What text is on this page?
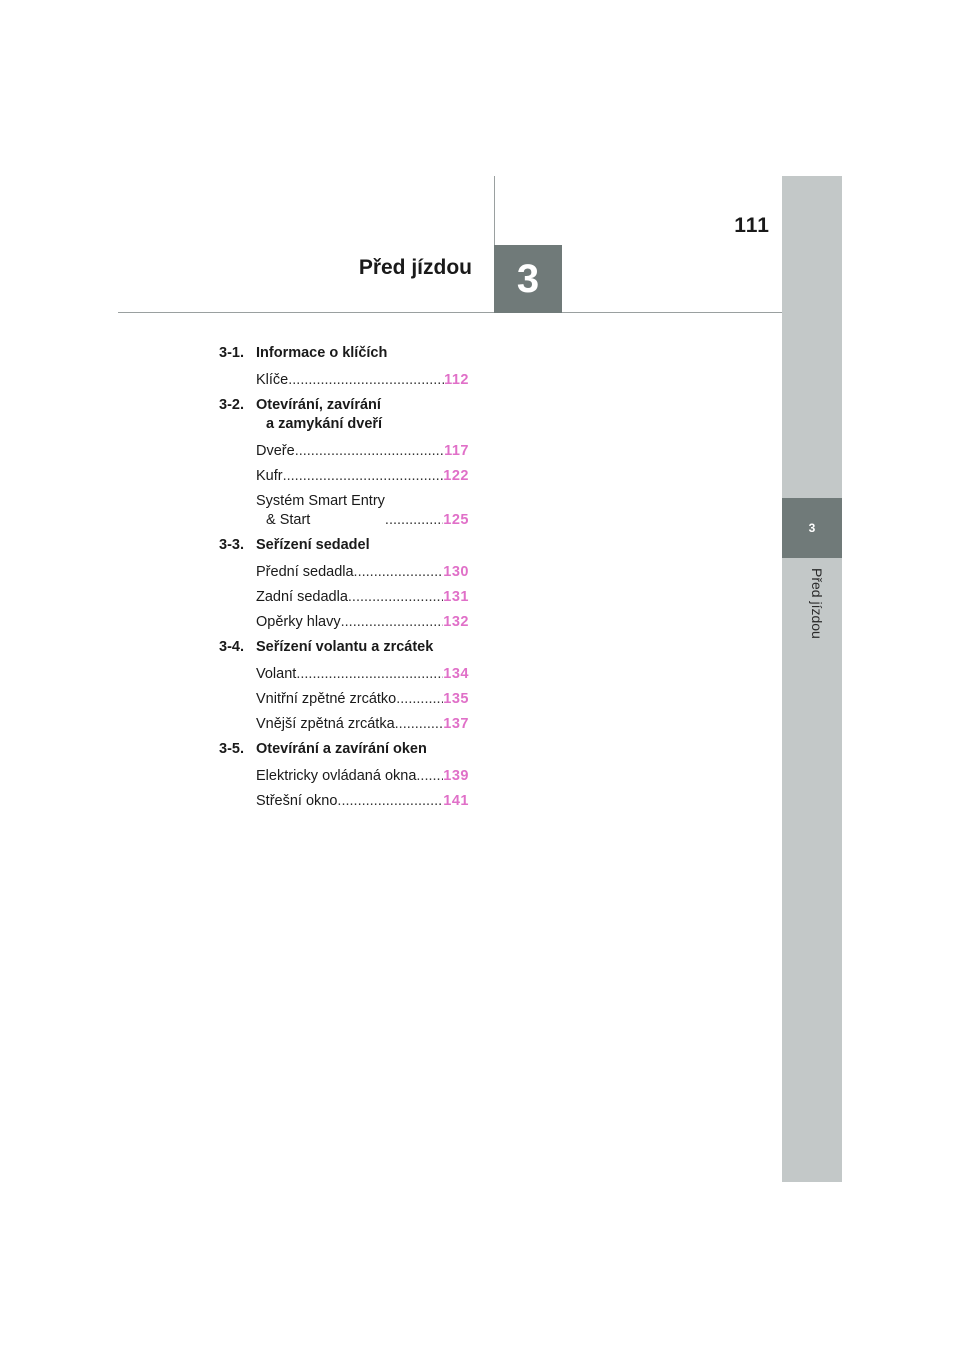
111
Před jízdou	3
3
Před jízdou
3-1. Informace o klíčích
Klíče .....	112
3-2. Otevírání, zavírání
a zamykání dveří
Dveře .....	117
Kufr .....	122
Systém Smart Entry
& Start .....	125
3-3. Seřízení sedadel
Přední sedadla .....	130
Zadní sedadla .....	131
Opěrky hlavy .....	132
3-4. Seřízení volantu a zrcátek
Volant .....	134
Vnitřní zpětné zrcátko .....	135
Vnější zpětná zrcátka .....	137
3-5. Otevírání a zavírání oken
Elektricky ovládaná okna ..... 139
Střešní okno .....	141
